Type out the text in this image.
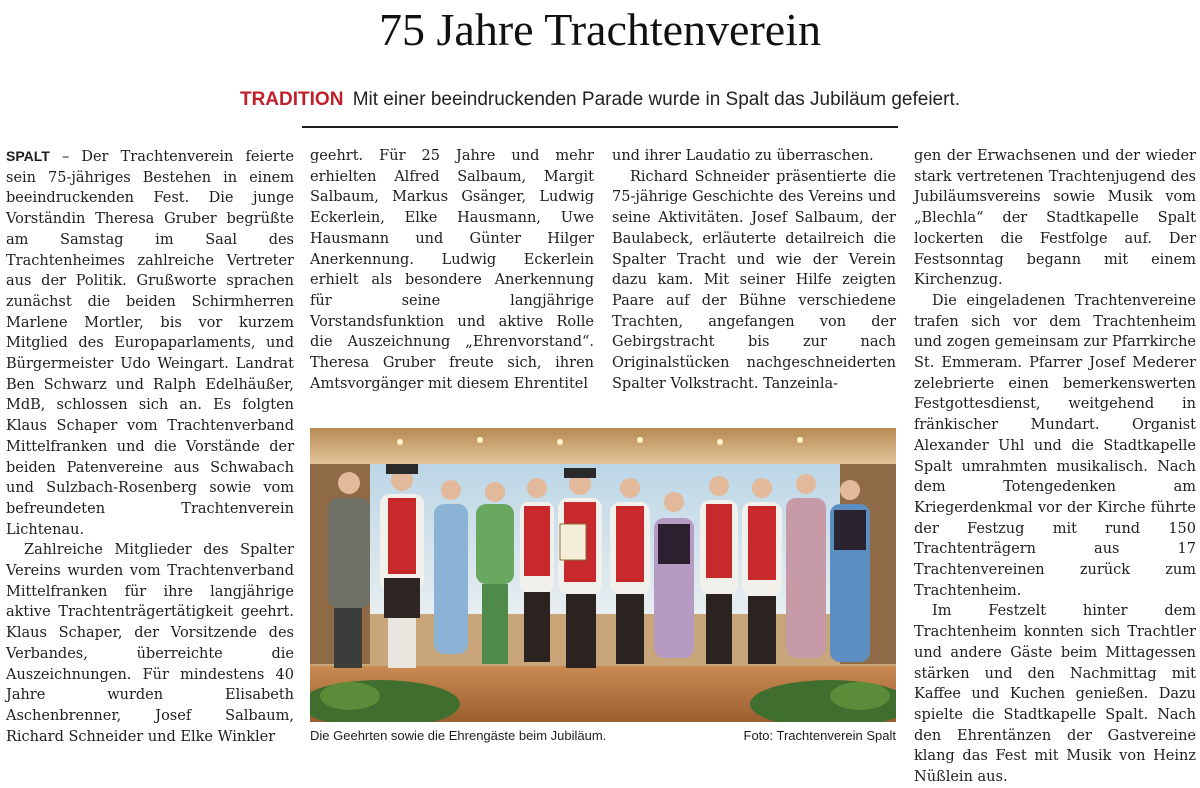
75 Jahre Trachtenverein
TRADITION Mit einer beeindruckenden Parade wurde in Spalt das Jubiläum gefeiert.

SPALT – Der Trachtenverein feierte sein 75-jähriges Bestehen in einem beeindruckenden Fest. Die junge Vorständin Theresa Gruber begrüßte am Samstag im Saal des Trachtenheimes zahlreiche Vertreter aus der Politik. Grußworte sprachen zunächst die beiden Schirmherren Marlene Mortler, bis vor kurzem Mitglied des Europaparlaments, und Bürgermeister Udo Weingart. Landrat Ben Schwarz und Ralph Edelhäußer, MdB, schlossen sich an. Es folgten Klaus Schaper vom Trachtenverband Mittelfranken und die Vorstände der beiden Patenvereine aus Schwabach und Sulzbach-Rosenberg sowie vom befreundeten Trachtenverein Lichtenau.

Zahlreiche Mitglieder des Spalter Vereins wurden vom Trachtenverband Mittelfranken für ihre langjährige aktive Trachtenträgertätigkeit geehrt. Klaus Schaper, der Vorsitzende des Verbandes, überreichte die Auszeichnungen. Für mindestens 40 Jahre wurden Elisabeth Aschenbrenner, Josef Salbaum, Richard Schneider und Elke Winkler

geehrt. Für 25 Jahre und mehr erhielten Alfred Salbaum, Margit Salbaum, Markus Gsänger, Ludwig Eckerlein, Elke Hausmann, Uwe Hausmann und Günter Hilger Anerkennung. Ludwig Eckerlein erhielt als besondere Anerkennung für seine langjährige Vorstandsfunktion und aktive Rolle die Auszeichnung „Ehrenvorstand“. Theresa Gruber freute sich, ihren Amtsvorgänger mit diesem Ehrentitel

und ihrer Laudatio zu überraschen.

Richard Schneider präsentierte die 75-jährige Geschichte des Vereins und seine Aktivitäten. Josef Salbaum, der Baulabeck, erläuterte detailreich die Spalter Tracht und wie der Verein dazu kam. Mit seiner Hilfe zeigten Paare auf der Bühne verschiedene Trachten, angefangen von der Gebirgstracht bis zur nach Originalstücken nachgeschneiderten Spalter Volkstracht. Tanzeinla-

gen der Erwachsenen und der wieder stark vertretenen Trachtenjugend des Jubiläumsvereins sowie Musik vom „Blechla“ der Stadtkapelle Spalt lockerten die Festfolge auf. Der Festsonntag begann mit einem Kirchenzug.

Die eingeladenen Trachtenvereine trafen sich vor dem Trachtenheim und zogen gemeinsam zur Pfarrkirche St. Emmeram. Pfarrer Josef Mederer zelebrierte einen bemerkenswerten Festgottesdienst, weitgehend in fränkischer Mundart. Organist Alexander Uhl und die Stadtkapelle Spalt umrahmten musikalisch. Nach dem Totengedenken am Kriegerdenkmal vor der Kirche führte der Festzug mit rund 150 Trachtenträgern aus 17 Trachtenvereinen zurück zum Trachtenheim.

Im Festzelt hinter dem Trachtenheim konnten sich Trachtler und andere Gäste beim Mittagessen stärken und den Nachmittag mit Kaffee und Kuchen genießen. Dazu spielte die Stadtkapelle Spalt. Nach den Ehrentänzen der Gastvereine klang das Fest mit Musik von Heinz Nüßlein aus.

Die Geehrten sowie die Ehrengäste beim Jubiläum.	Foto: Trachtenverein Spalt
